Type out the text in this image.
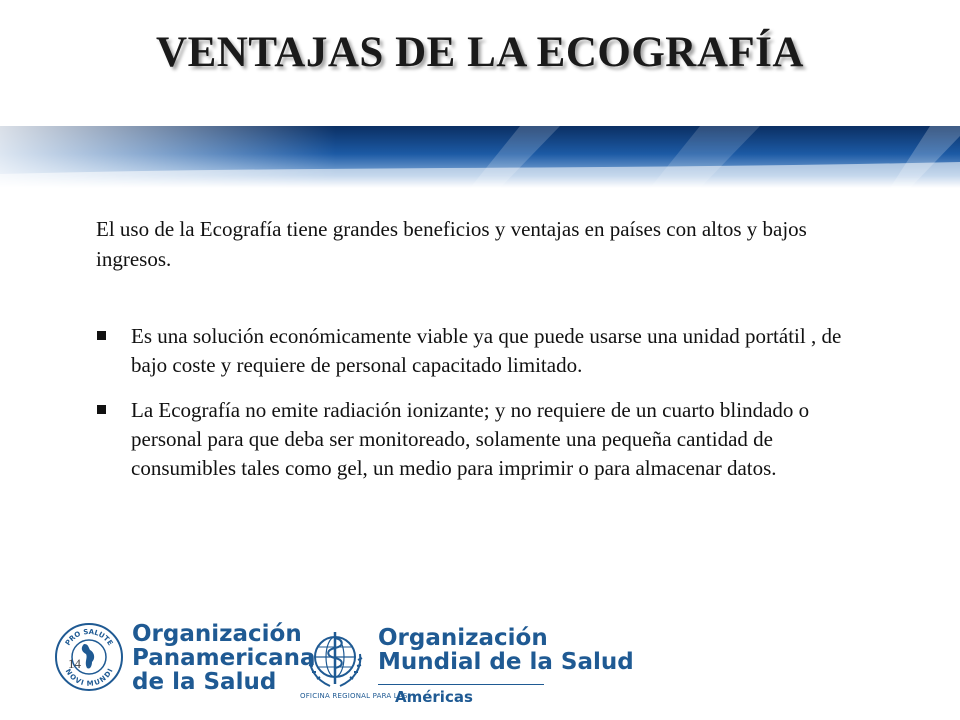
VENTAJAS DE LA ECOGRAFÍA
El uso de la Ecografía tiene grandes beneficios y ventajas en países con altos y bajos ingresos.
Es una solución económicamente viable ya que puede usarse una unidad portátil , de bajo coste y requiere de personal capacitado limitado.
La Ecografía no emite radiación ionizante; y no requiere de un cuarto blindado o personal para que deba ser monitoreado, solamente una pequeña cantidad de consumibles tales como gel, un medio para imprimir o para almacenar datos.
PRO SALUTE
NOVI MUNDI
14
Organización
Panamericana
de la Salud
Organización
Mundial de la Salud
OFICINA REGIONAL PARA LAS
Américas
